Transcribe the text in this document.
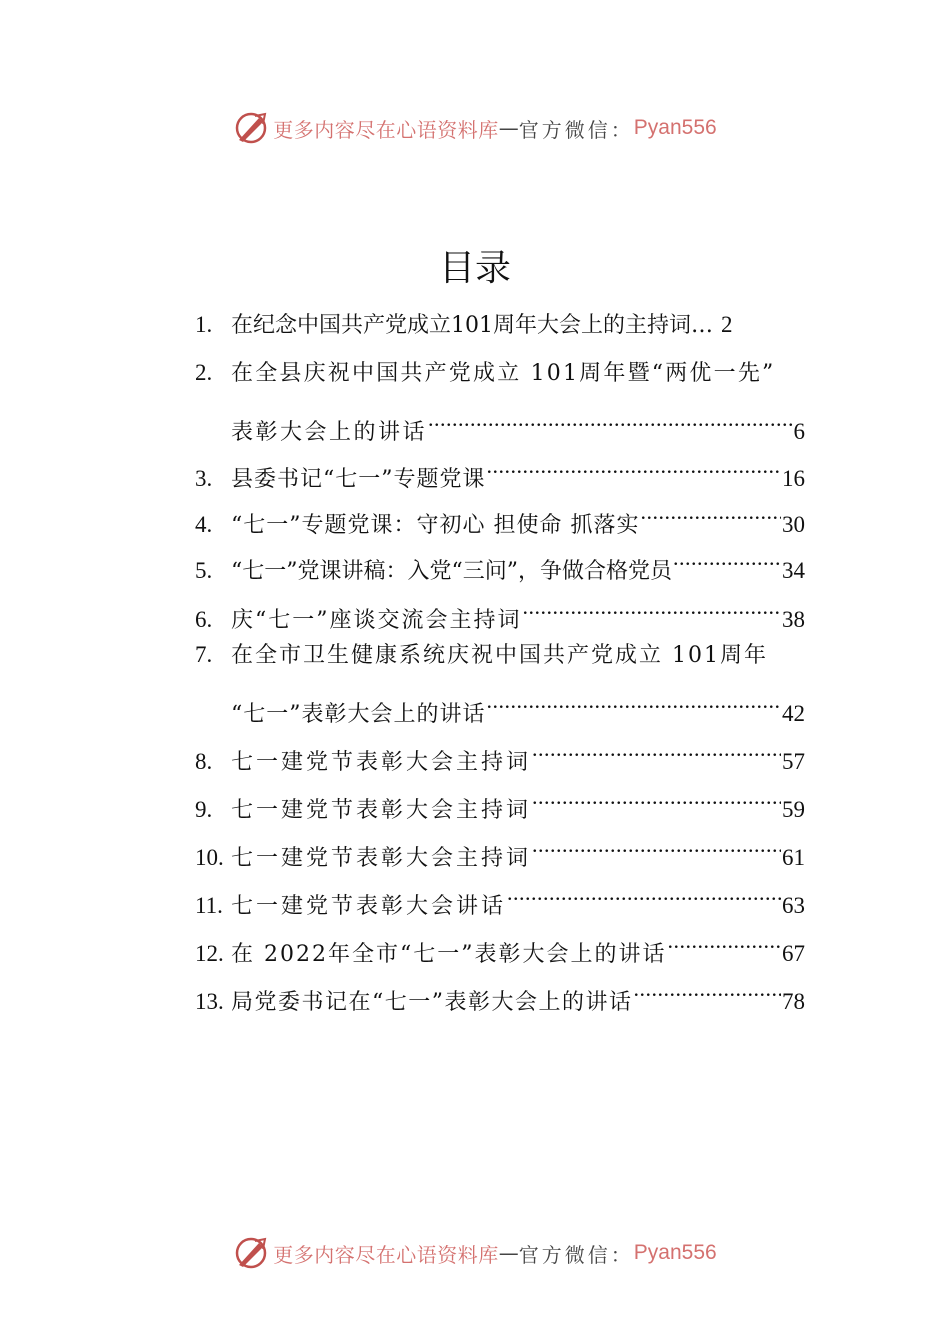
更多内容尽在心语资料库 — 官方微信： Pyan556
目录
1. 在纪念中国共产党成立101周年大会上的主持词… 2
2. 在全县庆祝中国共产党成立 101周年暨“两优一先”
表彰大会上的讲话 .....	6
3. 县委书记“七一”专题党课 .....	16
4. “七一”专题党课：守初心 担使命 抓落实 .....	30
5. “七一”党课讲稿：入党“三问”，争做合格党员 .....	34
6. 庆“七一”座谈交流会主持词 .....	38
7. 在全市卫生健康系统庆祝中国共产党成立 101周年
“七一”表彰大会上的讲话 .....	42
8. 七一建党节表彰大会主持词 .....	57
9. 七一建党节表彰大会主持词 .....	59
10. 七一建党节表彰大会主持词 .....	61
11. 七一建党节表彰大会讲话 .....	63
12. 在 2022年全市“七一”表彰大会上的讲话 .....	67
13. 局党委书记在“七一”表彰大会上的讲话 .....	78
更多内容尽在心语资料库 — 官方微信： Pyan556
